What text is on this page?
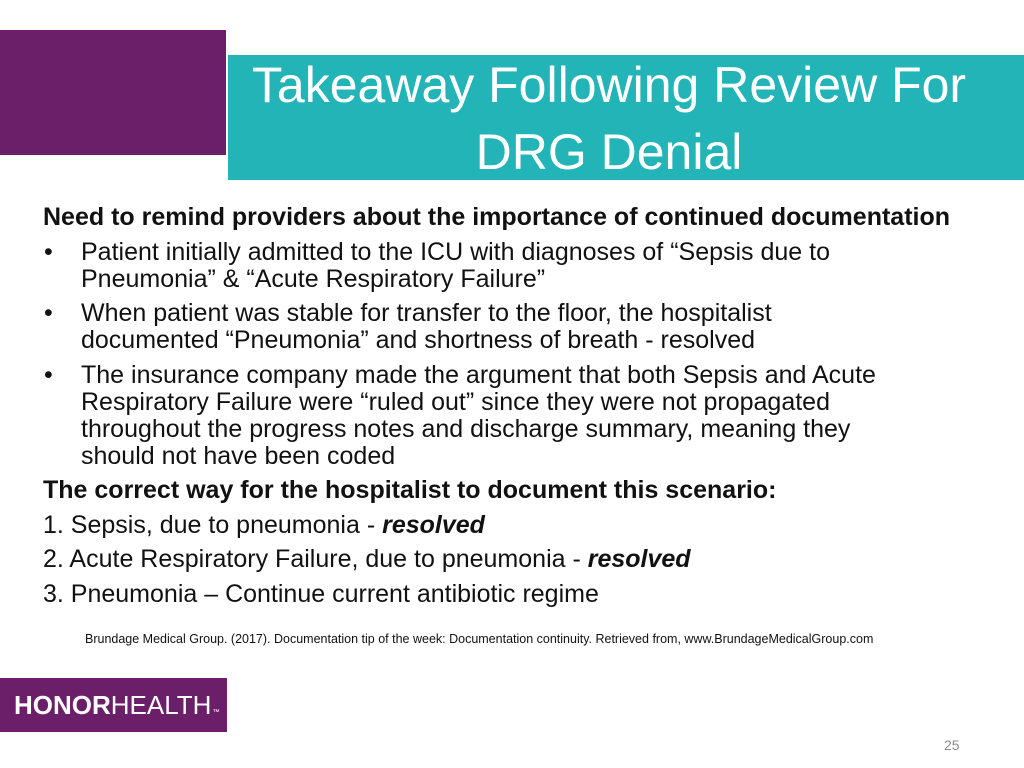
Takeaway Following Review For
DRG Denial
Need to remind providers about the importance of continued documentation
• Patient initially admitted to the ICU with diagnoses of “Sepsis due to
Pneumonia” & “Acute Respiratory Failure”
• When patient was stable for transfer to the floor, the hospitalist
documented “Pneumonia” and shortness of breath - resolved
• The insurance company made the argument that both Sepsis and Acute
Respiratory Failure were “ruled out” since they were not propagated
throughout the progress notes and discharge summary, meaning they
should not have been coded
The correct way for the hospitalist to document this scenario:
1. Sepsis, due to pneumonia - resolved
2. Acute Respiratory Failure, due to pneumonia - resolved
3. Pneumonia – Continue current antibiotic regime
Brundage Medical Group. (2017). Documentation tip of the week: Documentation continuity. Retrieved from, www.BrundageMedicalGroup.com
HONORHEALTH™
25
